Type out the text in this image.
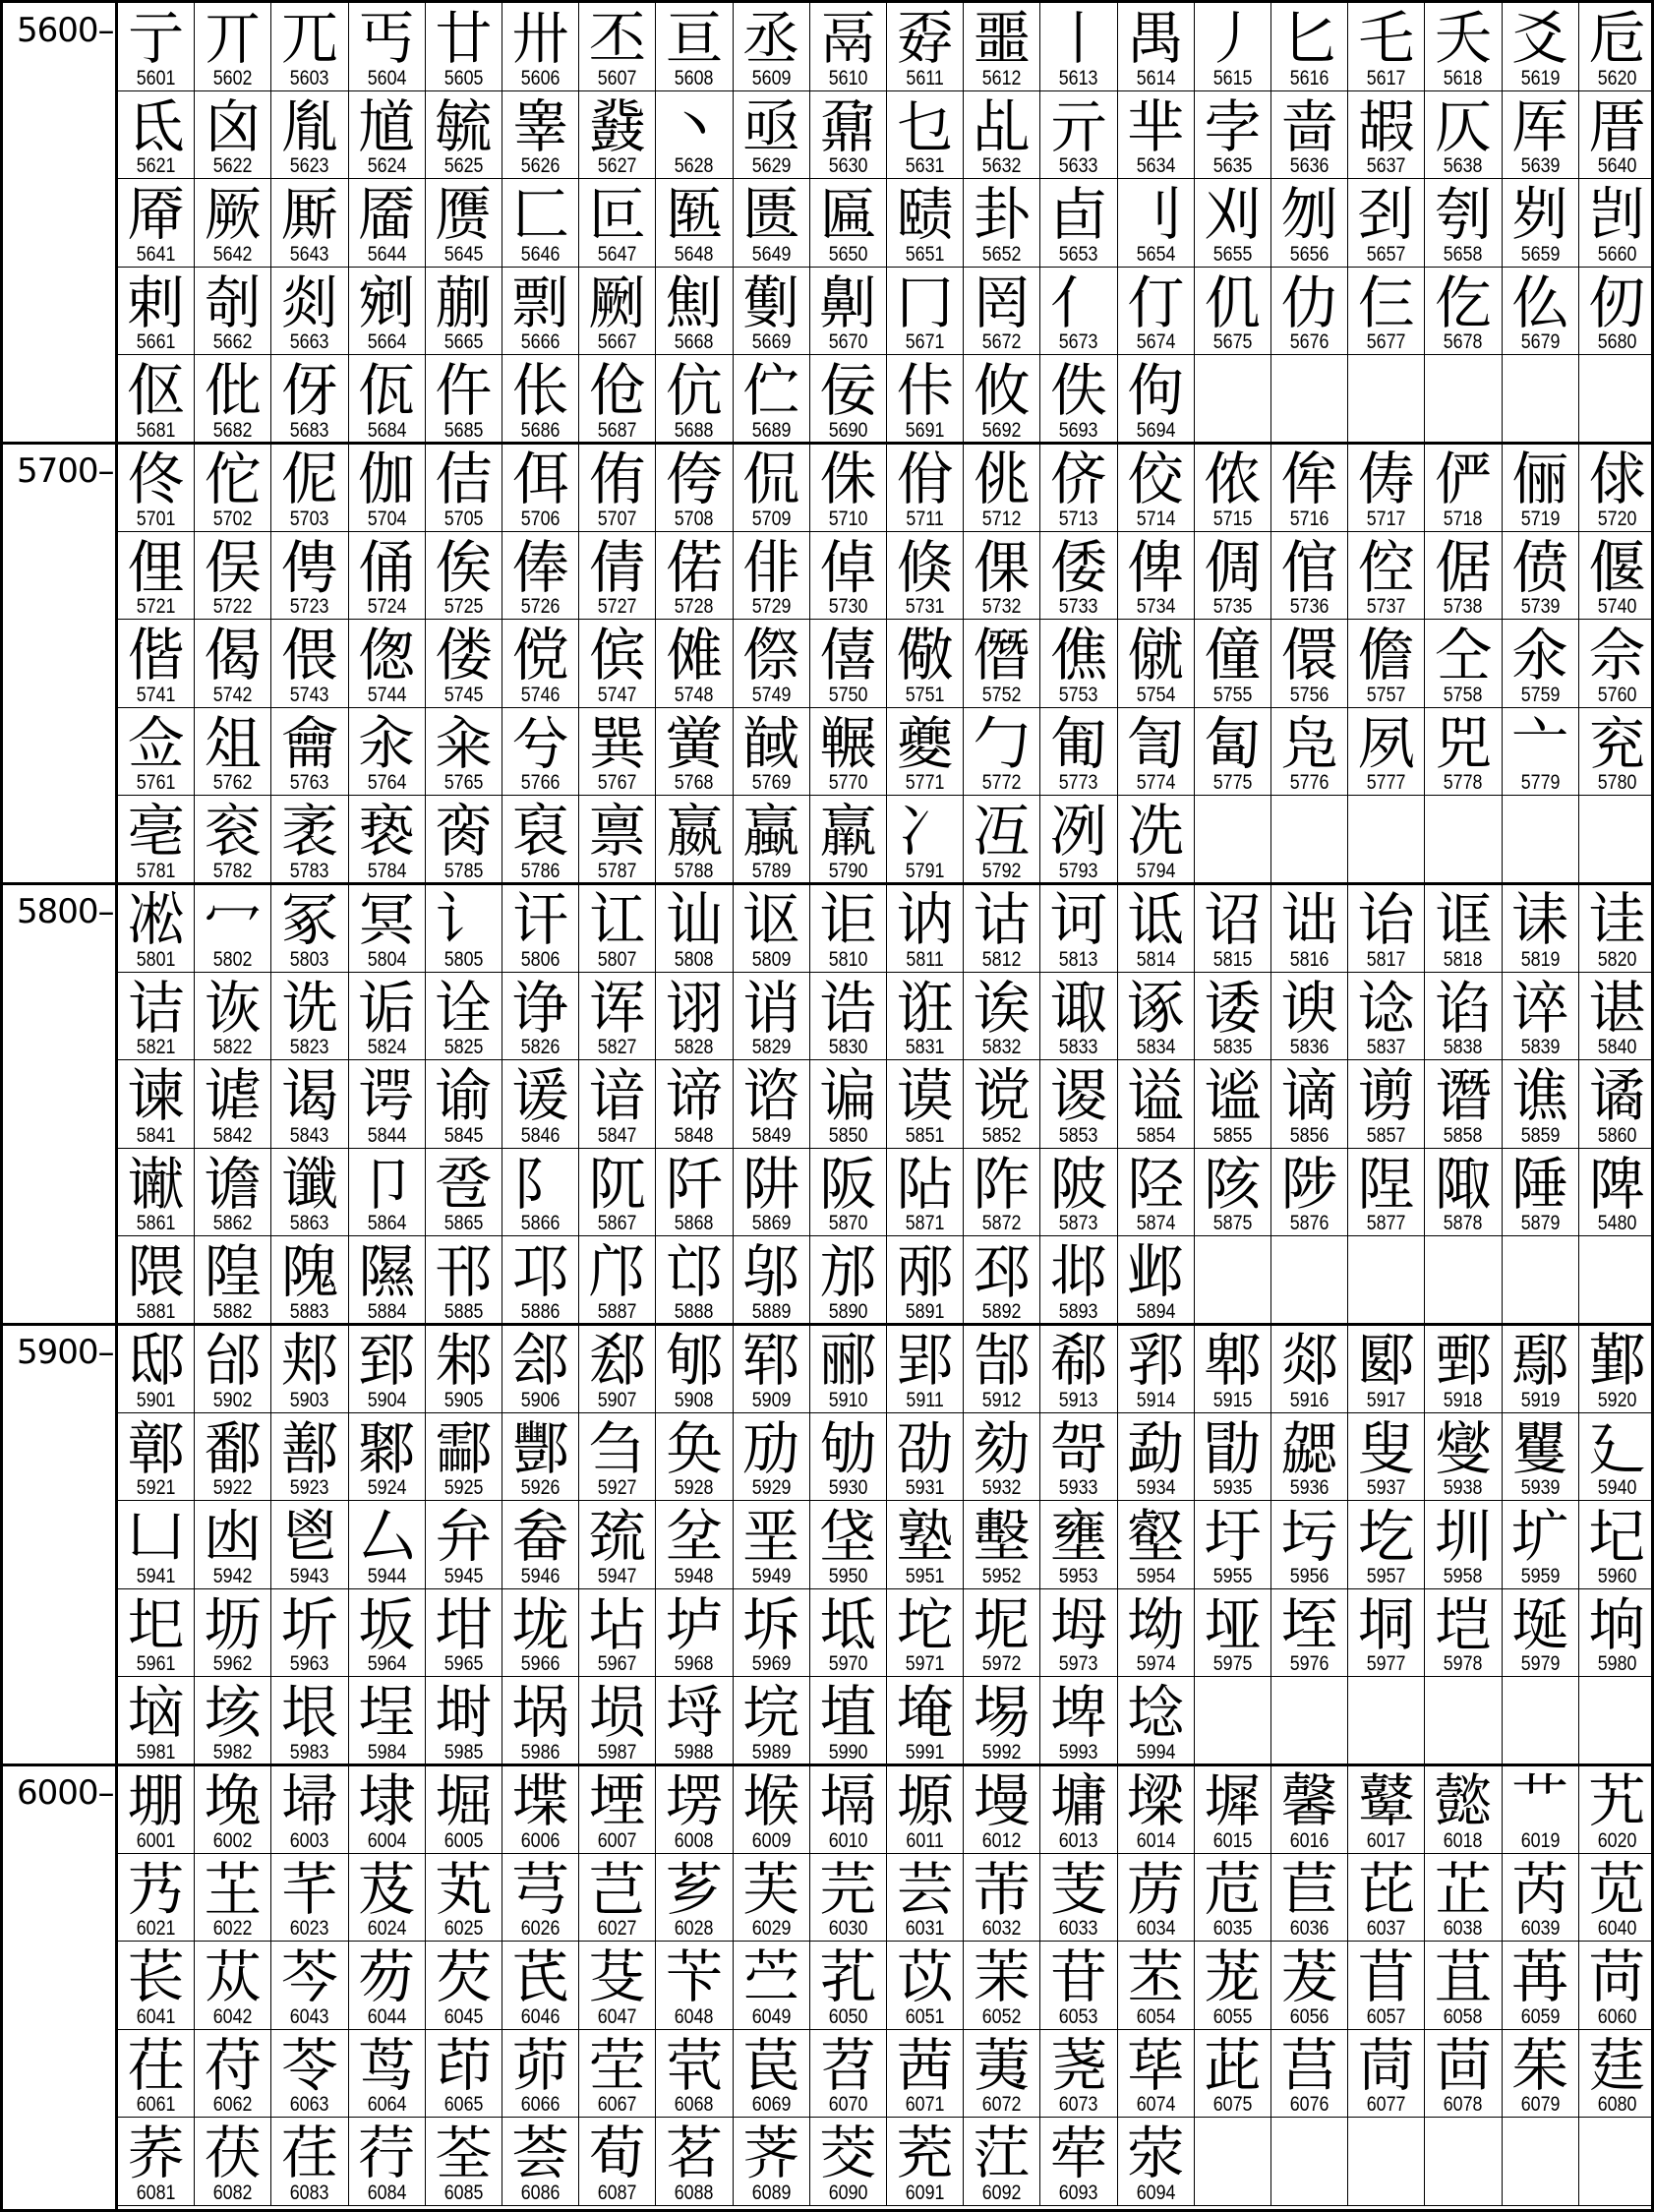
5600– 亍
5601
丌
5602
兀
5603
丐
5604
廿
5605
卅
5606
丕
5607
亘
5608
丞
5609
鬲
5610
孬
5611
噩
5612
丨
5613
禺
5614
丿
5615
匕
5616
乇
5617
夭
5618
爻
5619
卮
5620
氐
5621
囟
5622
胤
5623
馗
5624
毓
5625
睾
5626
鼗
5627
丶
5628
亟
5629
鼐
5630
乜
5631
乩
5632
亓
5633
芈
5634
孛
5635
啬
5636
嘏
5637
仄
5638
厍
5639
厝
5640
厣
5641
厥
5642
厮
5643
靥
5644
赝
5645
匚
5646
叵
5647
匦
5648
匮
5649
匾
5650
赜
5651
卦
5652
卣
5653
刂
5654
刈
5655
刎
5656
刭
5657
刳
5658
刿
5659
剀
5660
剌
5661
剞
5662
剡
5663
剜
5664
蒯
5665
剽
5666
劂
5667
劁
5668
劐
5669
劓
5670
冂
5671
罔
5672
亻
5673
仃
5674
仉
5675
仂
5676
仨
5677
仡
5678
仫
5679
仞
5680
伛
5681
仳
5682
伢
5683
佤
5684
仵
5685
伥
5686
伧
5687
伉
5688
伫
5689
佞
5690
佧
5691
攸
5692
佚
5693
佝
5694
5700– 佟
5701
佗
5702
伲
5703
伽
5704
佶
5705
佴
5706
侑
5707
侉
5708
侃
5709
侏
5710
佾
5711
佻
5712
侪
5713
佼
5714
侬
5715
侔
5716
俦
5717
俨
5718
俪
5719
俅
5720
俚
5721
俣
5722
俜
5723
俑
5724
俟
5725
俸
5726
倩
5727
偌
5728
俳
5729
倬
5730
倏
5731
倮
5732
倭
5733
俾
5734
倜
5735
倌
5736
倥
5737
倨
5738
偾
5739
偃
5740
偕
5741
偈
5742
偎
5743
偬
5744
偻
5745
傥
5746
傧
5747
傩
5748
傺
5749
僖
5750
儆
5751
僭
5752
僬
5753
僦
5754
僮
5755
儇
5756
儋
5757
仝
5758
氽
5759
佘
5760
佥
5761
俎
5762
龠
5763
汆
5764
籴
5765
兮
5766
巽
5767
黉
5768
馘
5769
冁
5770
夔
5771
勹
5772
匍
5773
訇
5774
匐
5775
凫
5776
夙
5777
兕
5778
亠
5779
兖
5780
亳
5781
衮
5782
袤
5783
亵
5784
脔
5785
裒
5786
禀
5787
嬴
5788
蠃
5789
羸
5790
冫
5791
冱
5792
冽
5793
冼
5794
5800– 凇
5801
冖
5802
冢
5803
冥
5804
讠
5805
讦
5806
讧
5807
讪
5808
讴
5809
讵
5810
讷
5811
诂
5812
诃
5813
诋
5814
诏
5815
诎
5816
诒
5817
诓
5818
诔
5819
诖
5820
诘
5821
诙
5822
诜
5823
诟
5824
诠
5825
诤
5826
诨
5827
诩
5828
诮
5829
诰
5830
诳
5831
诶
5832
诹
5833
诼
5834
诿
5835
谀
5836
谂
5837
谄
5838
谇
5839
谌
5840
谏
5841
谑
5842
谒
5843
谔
5844
谕
5845
谖
5846
谙
5847
谛
5848
谘
5849
谝
5850
谟
5851
谠
5852
谡
5853
谥
5854
谧
5855
谪
5856
谫
5857
谮
5858
谯
5859
谲
5860
谳
5861
谵
5862
谶
5863
卩
5864
卺
5865
阝
5866
阢
5867
阡
5868
阱
5869
阪
5870
阽
5871
阼
5872
陂
5873
陉
5874
陔
5875
陟
5876
陧
5877
陬
5878
陲
5879
陴
5480
隈
5881
隍
5882
隗
5883
隰
5884
邗
5885
邛
5886
邝
5887
邙
5888
邬
5889
邡
5890
邴
5891
邳
5892
邶
5893
邺
5894
5900– 邸
5901
邰
5902
郏
5903
郅
5904
邾
5905
郐
5906
郄
5907
郇
5908
郓
5909
郦
5910
郢
5911
郜
5912
郗
5913
郛
5914
郫
5915
郯
5916
郾
5917
鄄
5918
鄢
5919
鄞
5920
鄣
5921
鄱
5922
鄯
5923
鄹
5924
酃
5925
酆
5926
刍
5927
奂
5928
劢
5929
劬
5930
劭
5931
劾
5932
哿
5933
勐
5934
勖
5935
勰
5936
叟
5937
燮
5938
矍
5939
廴
5940
凵
5941
凼
5942
鬯
5943
厶
5944
弁
5945
畚
5946
巯
5947
坌
5948
垩
5949
垡
5950
塾
5951
墼
5952
壅
5953
壑
5954
圩
5955
圬
5956
圪
5957
圳
5958
圹
5959
圮
5960
圯
5961
坜
5962
圻
5963
坂
5964
坩
5965
垅
5966
坫
5967
垆
5968
坼
5969
坻
5970
坨
5971
坭
5972
坶
5973
坳
5974
垭
5975
垤
5976
垌
5977
垲
5978
埏
5979
垧
5980
垴
5981
垓
5982
垠
5983
埕
5984
埘
5985
埚
5986
埙
5987
埒
5988
垸
5989
埴
5990
埯
5991
埸
5992
埤
5993
埝
5994
6000– 堋
6001
堍
6002
埽
6003
埭
6004
堀
6005
堞
6006
堙
6007
塄
6008
堠
6009
塥
6010
塬
6011
墁
6012
墉
6013
墚
6014
墀
6015
馨
6016
鼙
6017
懿
6018
艹
6019
艽
6020
艿
6021
芏
6022
芊
6023
芨
6024
芄
6025
芎
6026
芑
6027
芗
6028
芙
6029
芫
6030
芸
6031
芾
6032
芰
6033
苈
6034
苊
6035
苣
6036
芘
6037
芷
6038
芮
6039
苋
6040
苌
6041
苁
6042
芩
6043
芴
6044
芡
6045
芪
6046
芟
6047
苄
6048
苎
6049
芤
6050
苡
6051
茉
6052
苷
6053
苤
6054
茏
6055
茇
6056
苜
6057
苴
6058
苒
6059
苘
6060
茌
6061
苻
6062
苓
6063
茑
6064
茚
6065
茆
6066
茔
6067
茕
6068
苠
6069
苕
6070
茜
6071
荑
6072
荛
6073
荜
6074
茈
6075
莒
6076
茼
6077
茴
6078
茱
6079
莛
6080
荞
6081
茯
6082
荏
6083
荇
6084
荃
6085
荟
6086
荀
6087
茗
6088
荠
6089
茭
6090
茺
6091
茳
6092
荦
6093
荥
6094
